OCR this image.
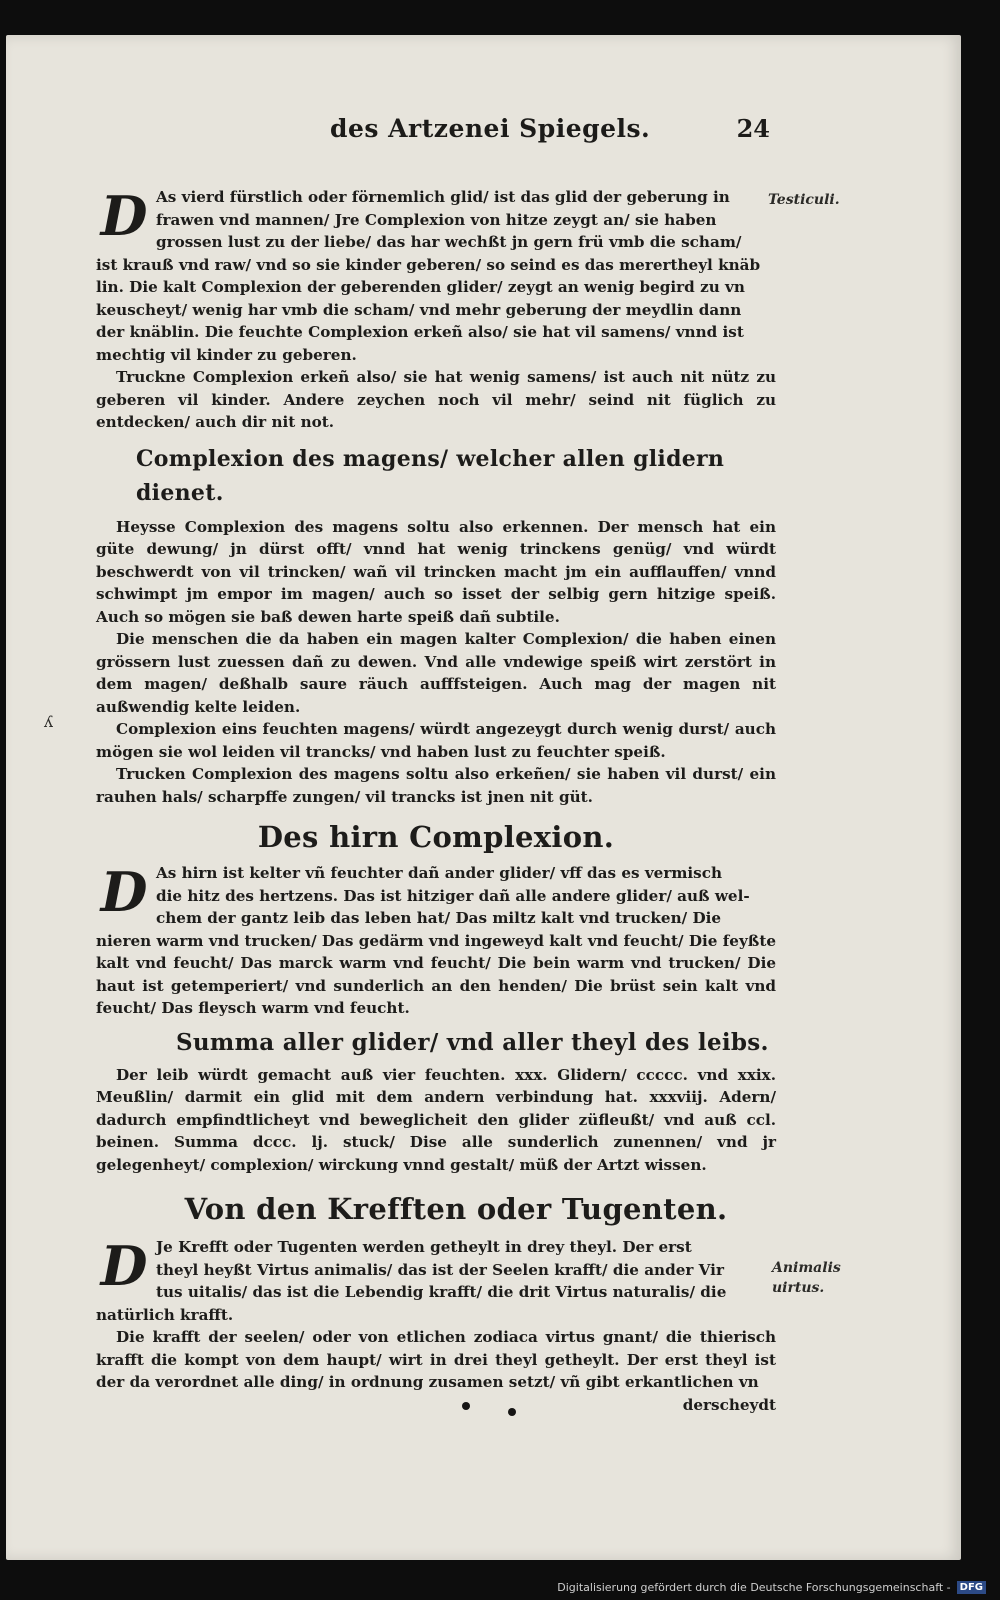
des Artzenei Spiegels.	24
Testiculi.
Animalis uirtus.
ʎ
D As vierd fürstlich oder förnemlich glid/ ist das glid der geberung in

frawen vnd mannen/ Jre Complexion von hitze zeygt an/ sie haben

grossen lust zu der liebe/ das har wechßt jn gern frü vmb die scham/

ist krauß vnd raw/ vnd so sie kinder geberen/ so seind es das merertheyl knäb

lin. Die kalt Complexion der geberenden glider/ zeygt an wenig begird zu vn

keuscheyt/ wenig har vmb die scham/ vnd mehr geberung der meydlin dann

der knäblin. Die feuchte Complexion erkeñ also/ sie hat vil samens/ vnnd ist

mechtig vil kinder zu geberen.

Truckne Complexion erkeñ also/ sie hat wenig samens/ ist auch nit nütz zu geberen vil kinder. Andere zeychen noch vil mehr/ seind nit füglich zu entdecken/ auch dir nit not.

Complexion des magens/ welcher allen glidern dienet.

Heysse Complexion des magens soltu also erkennen. Der mensch hat ein güte dewung/ jn dürst offt/ vnnd hat wenig trinckens genüg/ vnd würdt beschwerdt von vil trincken/ wañ vil trincken macht jm ein aufflauffen/ vnnd schwimpt jm empor im magen/ auch so isset der selbig gern hitzige speiß. Auch so mögen sie baß dewen harte speiß dañ subtile.

Die menschen die da haben ein magen kalter Complexion/ die haben einen grössern lust zuessen dañ zu dewen. Vnd alle vndewige speiß wirt zerstört in dem magen/ deßhalb saure räuch aufffsteigen. Auch mag der magen nit außwendig kelte leiden.

Complexion eins feuchten magens/ würdt angezeygt durch wenig durst/ auch mögen sie wol leiden vil trancks/ vnd haben lust zu feuchter speiß.

Trucken Complexion des magens soltu also erkeñen/ sie haben vil durst/ ein rauhen hals/ scharpffe zungen/ vil trancks ist jnen nit güt.

Des hirn Complexion.
D As hirn ist kelter vñ feuchter dañ ander glider/ vff das es vermisch

die hitz des hertzens. Das ist hitziger dañ alle andere glider/ auß wel-

chem der gantz leib das leben hat/ Das miltz kalt vnd trucken/ Die

nieren warm vnd trucken/ Das gedärm vnd ingeweyd kalt vnd feucht/ Die feyßte kalt vnd feucht/ Das marck warm vnd feucht/ Die bein warm vnd trucken/ Die haut ist getemperiert/ vnd sunderlich an den henden/ Die brüst sein kalt vnd feucht/ Das fleysch warm vnd feucht.

Summa aller glider/ vnd aller theyl des leibs.

Der leib würdt gemacht auß vier feuchten. xxx. Glidern/ ccccc. vnd xxix. Meußlin/ darmit ein glid mit dem andern verbindung hat. xxxviij. Adern/ dadurch empfindtlicheyt vnd beweglicheit den glider züfleußt/ vnd auß ccl. beinen. Summa dccc. lj. stuck/ Dise alle sunderlich zunennen/ vnd jr gelegenheyt/ complexion/ wirckung vnnd gestalt/ müß der Artzt wissen.

Von den Krefften oder Tugenten.
D Je Krefft oder Tugenten werden getheylt in drey theyl. Der erst

theyl heyßt Virtus animalis/ das ist der Seelen krafft/ die ander Vir

tus uitalis/ das ist die Lebendig krafft/ die drit Virtus naturalis/ die

natürlich krafft.

Die krafft der seelen/ oder von etlichen zodiaca virtus gnant/ die thierisch krafft die kompt von dem haupt/ wirt in drei theyl getheylt. Der erst theyl ist der da verordnet alle ding/ in ordnung zusamen setzt/ vñ gibt erkantlichen vn

derscheydt

Digitalisierung gefördert durch die Deutsche Forschungsgemeinschaft - DFG
